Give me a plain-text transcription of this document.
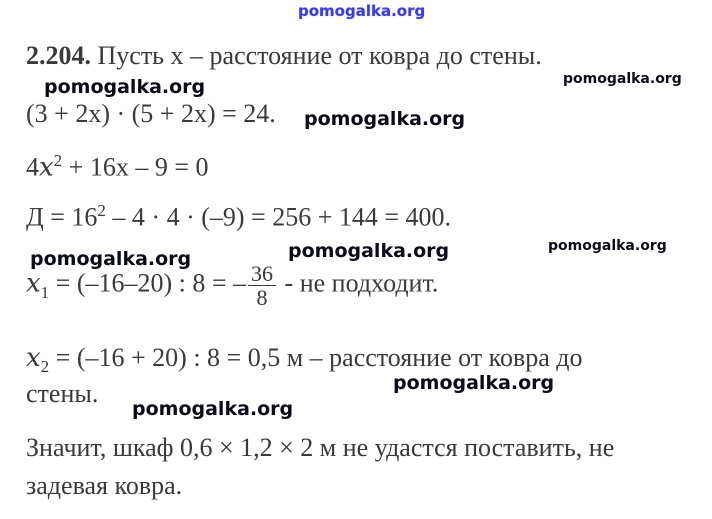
pomogalka.org
2.204. Пусть x – расстояние от ковра до стены.
pomogalka.org	pomogalka.org
(3 + 2x) · (5 + 2x) = 24. pomogalka.org
$4x^2 + 16x - 9 = 0$
$Д = 16^2 - 4 \cdot 4 \cdot (-9) = 256 + 144 = 400$.
pomogalka.org	pomogalka.org
pomogalka.org
$x_1 = (-16-20)$ : 8 = – $\frac{36}{8}$ - не подходит.
$x_2 = (-16 + 20)$ : 8 = 0,5 м – расстояние от ковра до
стены.	pomogalka.org
pomogalka.org
Значит, шкаф 0,6 × 1,2 × 2 м не удастся поставить, не
задевая ковра.
